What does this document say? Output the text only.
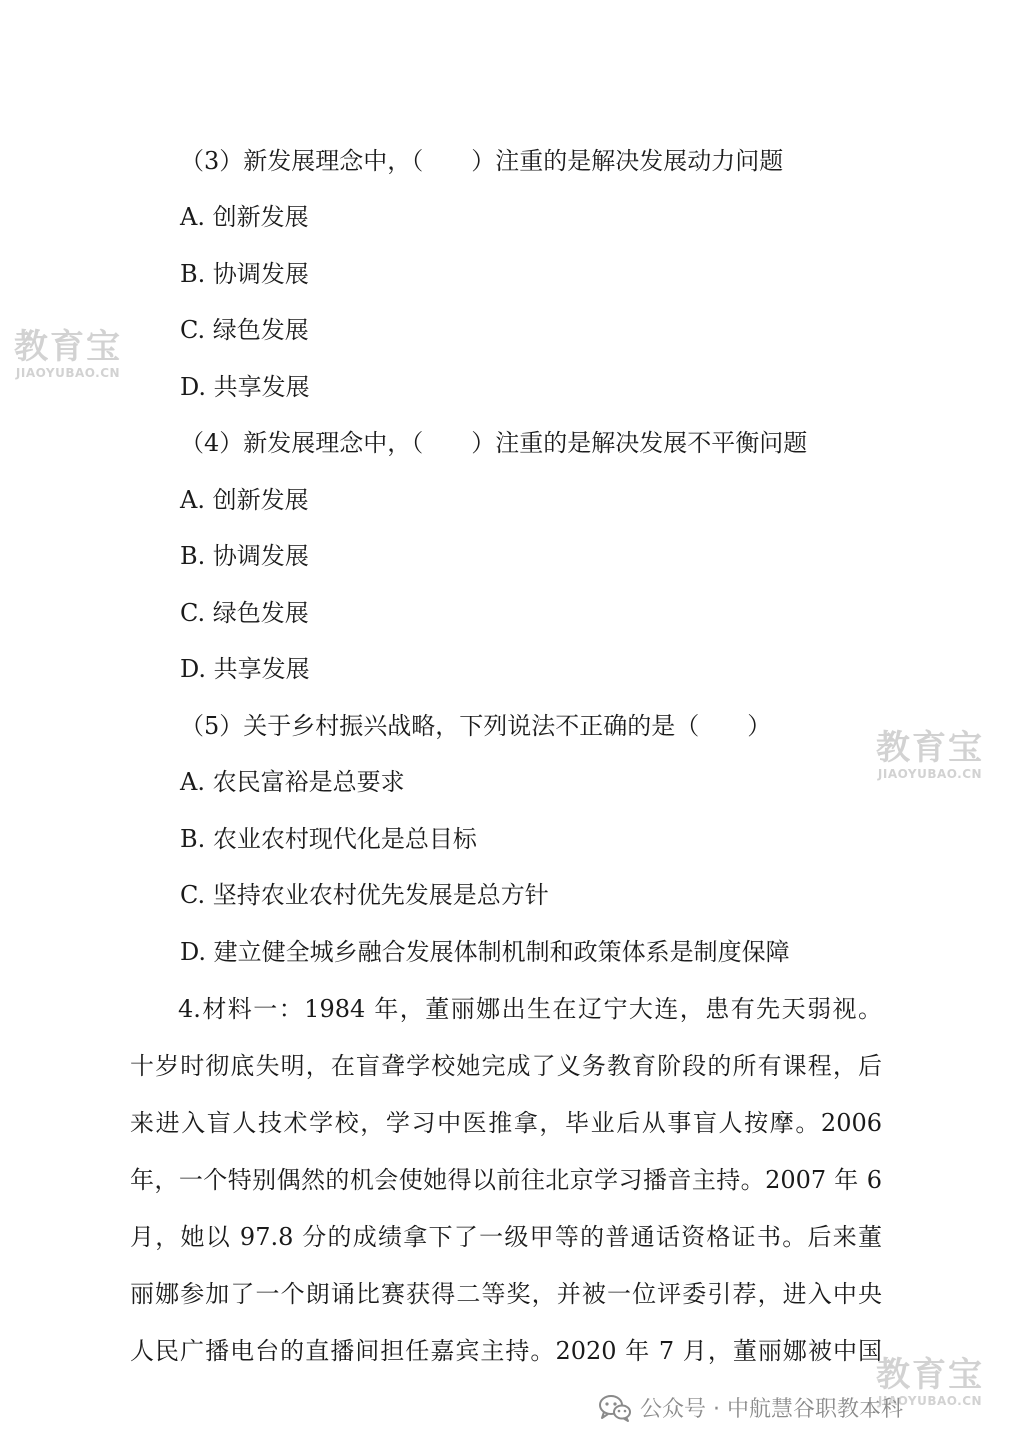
（3）新发展理念中，（　　）注重的是解决发展动力问题
A. 创新发展
B. 协调发展
C. 绿色发展
D. 共享发展
（4）新发展理念中，（　　）注重的是解决发展不平衡问题
A. 创新发展
B. 协调发展
C. 绿色发展
D. 共享发展
（5）关于乡村振兴战略，下列说法不正确的是（　　）
A. 农民富裕是总要求
B. 农业农村现代化是总目标
C. 坚持农业农村优先发展是总方针
D. 建立健全城乡融合发展体制机制和政策体系是制度保障
4.材料一：1984 年，董丽娜出生在辽宁大连，患有先天弱视。
十岁时彻底失明，在盲聋学校她完成了义务教育阶段的所有课程，后
来进入盲人技术学校，学习中医推拿，毕业后从事盲人按摩。2006
年，一个特别偶然的机会使她得以前往北京学习播音主持。2007 年 6
月，她以 97.8 分的成绩拿下了一级甲等的普通话资格证书。后来董
丽娜参加了一个朗诵比赛获得二等奖，并被一位评委引荐，进入中央
人民广播电台的直播间担任嘉宾主持。2020 年 7 月，董丽娜被中国
教育宝
JIAOYUBAO.CN
教育宝
JIAOYUBAO.CN
教育宝
JIAOYUBAO.CN
公众号 · 中航慧谷职教本科
